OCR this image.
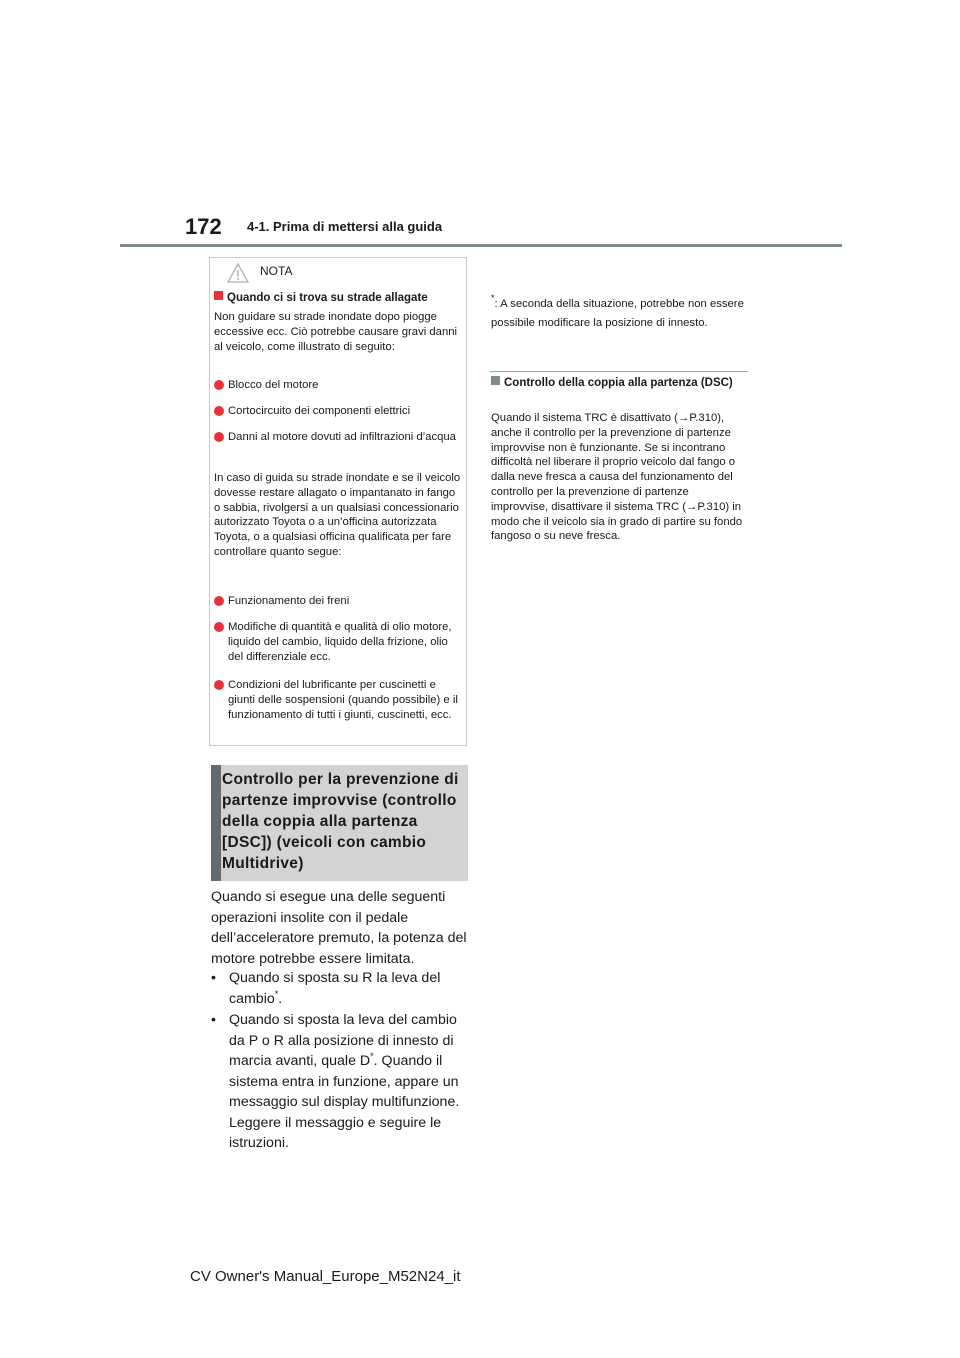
172 4-1. Prima di mettersi alla guida
NOTA
Quando ci si trova su strade allagate
Non guidare su strade inondate dopo piogge eccessive ecc. Ciò potrebbe causare gravi danni al veicolo, come illustrato di seguito:
Blocco del motore
Cortocircuito dei componenti elettrici
Danni al motore dovuti ad infiltrazioni d’acqua
In caso di guida su strade inondate e se il veicolo dovesse restare allagato o impantanato in fango o sabbia, rivolgersi a un qualsiasi concessionario autorizzato Toyota o a un’officina autorizzata Toyota, o a qualsiasi officina qualificata per fare controllare quanto segue:
Funzionamento dei freni
Modifiche di quantità e qualità di olio motore, liquido del cambio, liquido della frizione, olio del differenziale ecc.
Condizioni del lubrificante per cuscinetti e giunti delle sospensioni (quando possibile) e il funzionamento di tutti i giunti, cuscinetti, ecc.
Controllo per la prevenzione di partenze improvvise (controllo della coppia alla partenza [DSC]) (veicoli con cambio Multidrive)
Quando si esegue una delle seguenti operazioni insolite con il pedale dell’acceleratore premuto, la potenza del motore potrebbe essere limitata.
• Quando si sposta su R la leva del cambio*.
• Quando si sposta la leva del cambio da P o R alla posizione di innesto di marcia avanti, quale D*. Quando il sistema entra in funzione, appare un messaggio sul display multifunzione. Leggere il messaggio e seguire le istruzioni.
*: A seconda della situazione, potrebbe non essere possibile modificare la posizione di innesto.
Controllo della coppia alla partenza (DSC)
Quando il sistema TRC è disattivato (→P.310), anche il controllo per la prevenzione di partenze improvvise non è funzionante. Se si incontrano difficoltà nel liberare il proprio veicolo dal fango o dalla neve fresca a causa del funzionamento del controllo per la prevenzione di partenze improvvise, disattivare il sistema TRC (→P.310) in modo che il veicolo sia in grado di partire su fondo fangoso o su neve fresca.
CV Owner's Manual_Europe_M52N24_it
